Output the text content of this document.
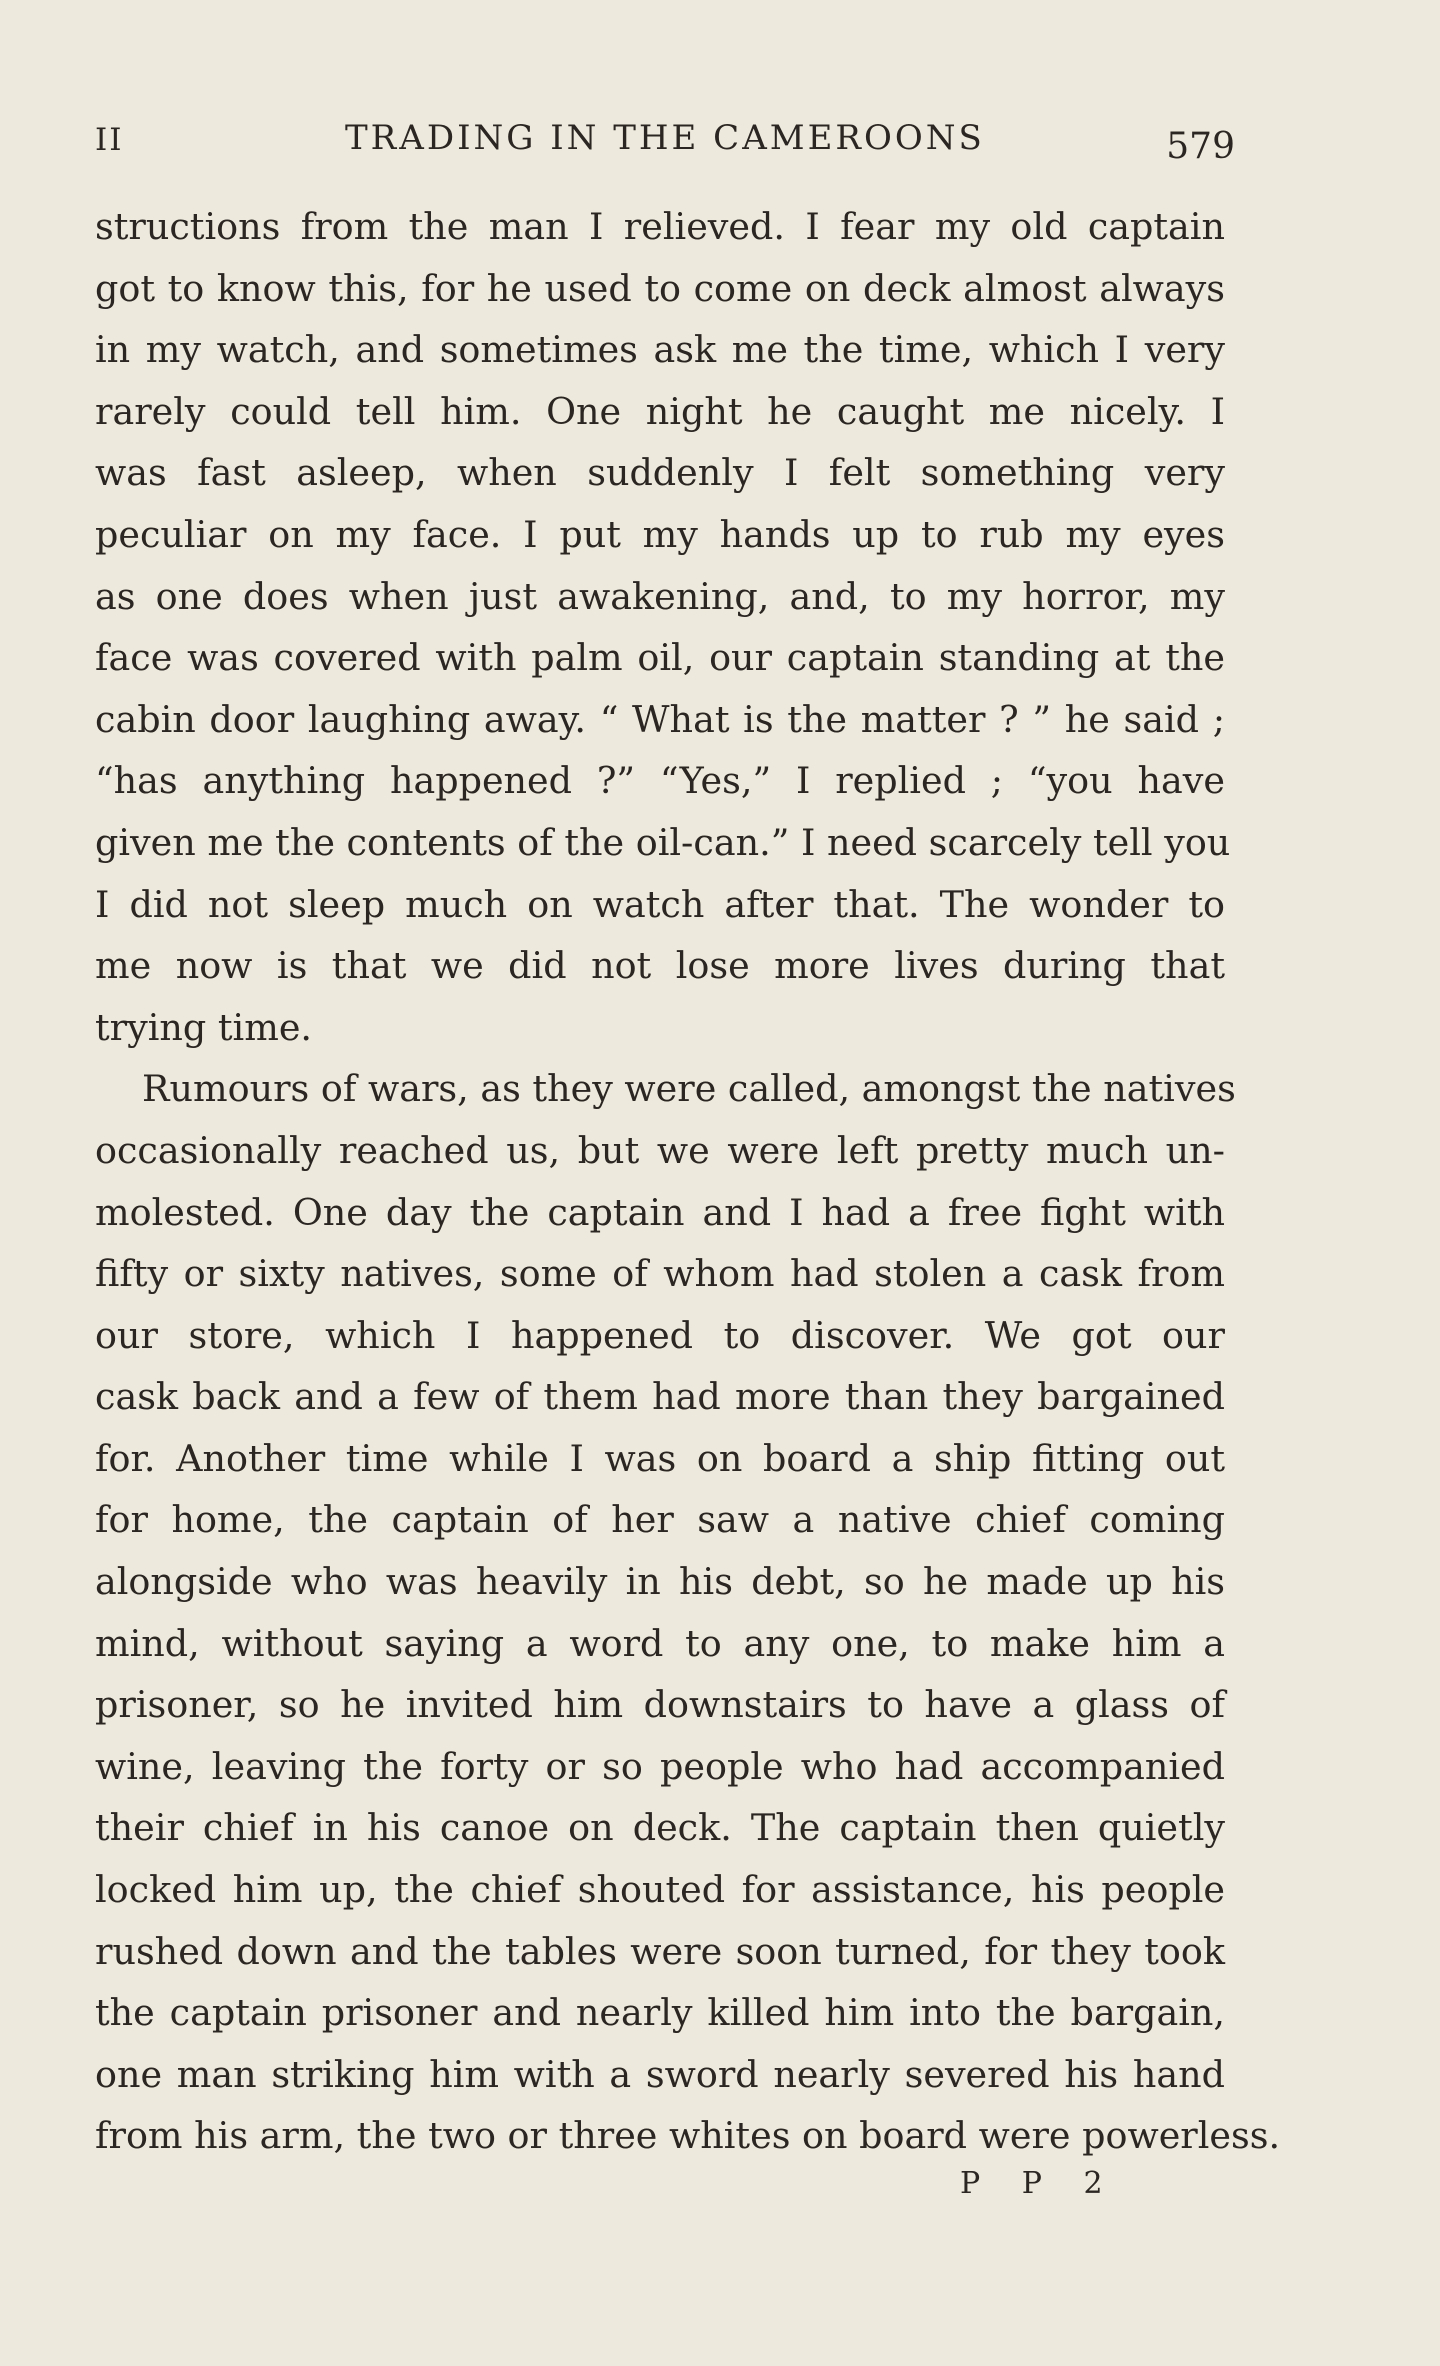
II	TRADING IN THE CAMEROONS	579
structions from the man I relieved. I fear my old captain
got to know this, for he used to come on deck almost always
in my watch, and sometimes ask me the time, which I very
rarely could tell him. One night he caught me nicely. I
was fast asleep, when suddenly I felt something very
peculiar on my face. I put my hands up to rub my eyes
as one does when just awakening, and, to my horror, my
face was covered with palm oil, our captain standing at the
cabin door laughing away. “ What is the matter ? ” he said ;
“has anything happened ?” “Yes,” I replied ; “you have
given me the contents of the oil-can.” I need scarcely tell you
I did not sleep much on watch after that. The wonder to
me now is that we did not lose more lives during that
trying time.
Rumours of wars, as they were called, amongst the natives
occasionally reached us, but we were left pretty much un-
molested. One day the captain and I had a free fight with
fifty or sixty natives, some of whom had stolen a cask from
our store, which I happened to discover. We got our
cask back and a few of them had more than they bargained
for. Another time while I was on board a ship fitting out
for home, the captain of her saw a native chief coming
alongside who was heavily in his debt, so he made up his
mind, without saying a word to any one, to make him a
prisoner, so he invited him downstairs to have a glass of
wine, leaving the forty or so people who had accompanied
their chief in his canoe on deck. The captain then quietly
locked him up, the chief shouted for assistance, his people
rushed down and the tables were soon turned, for they took
the captain prisoner and nearly killed him into the bargain,
one man striking him with a sword nearly severed his hand
from his arm, the two or three whites on board were powerless.
P P 2
